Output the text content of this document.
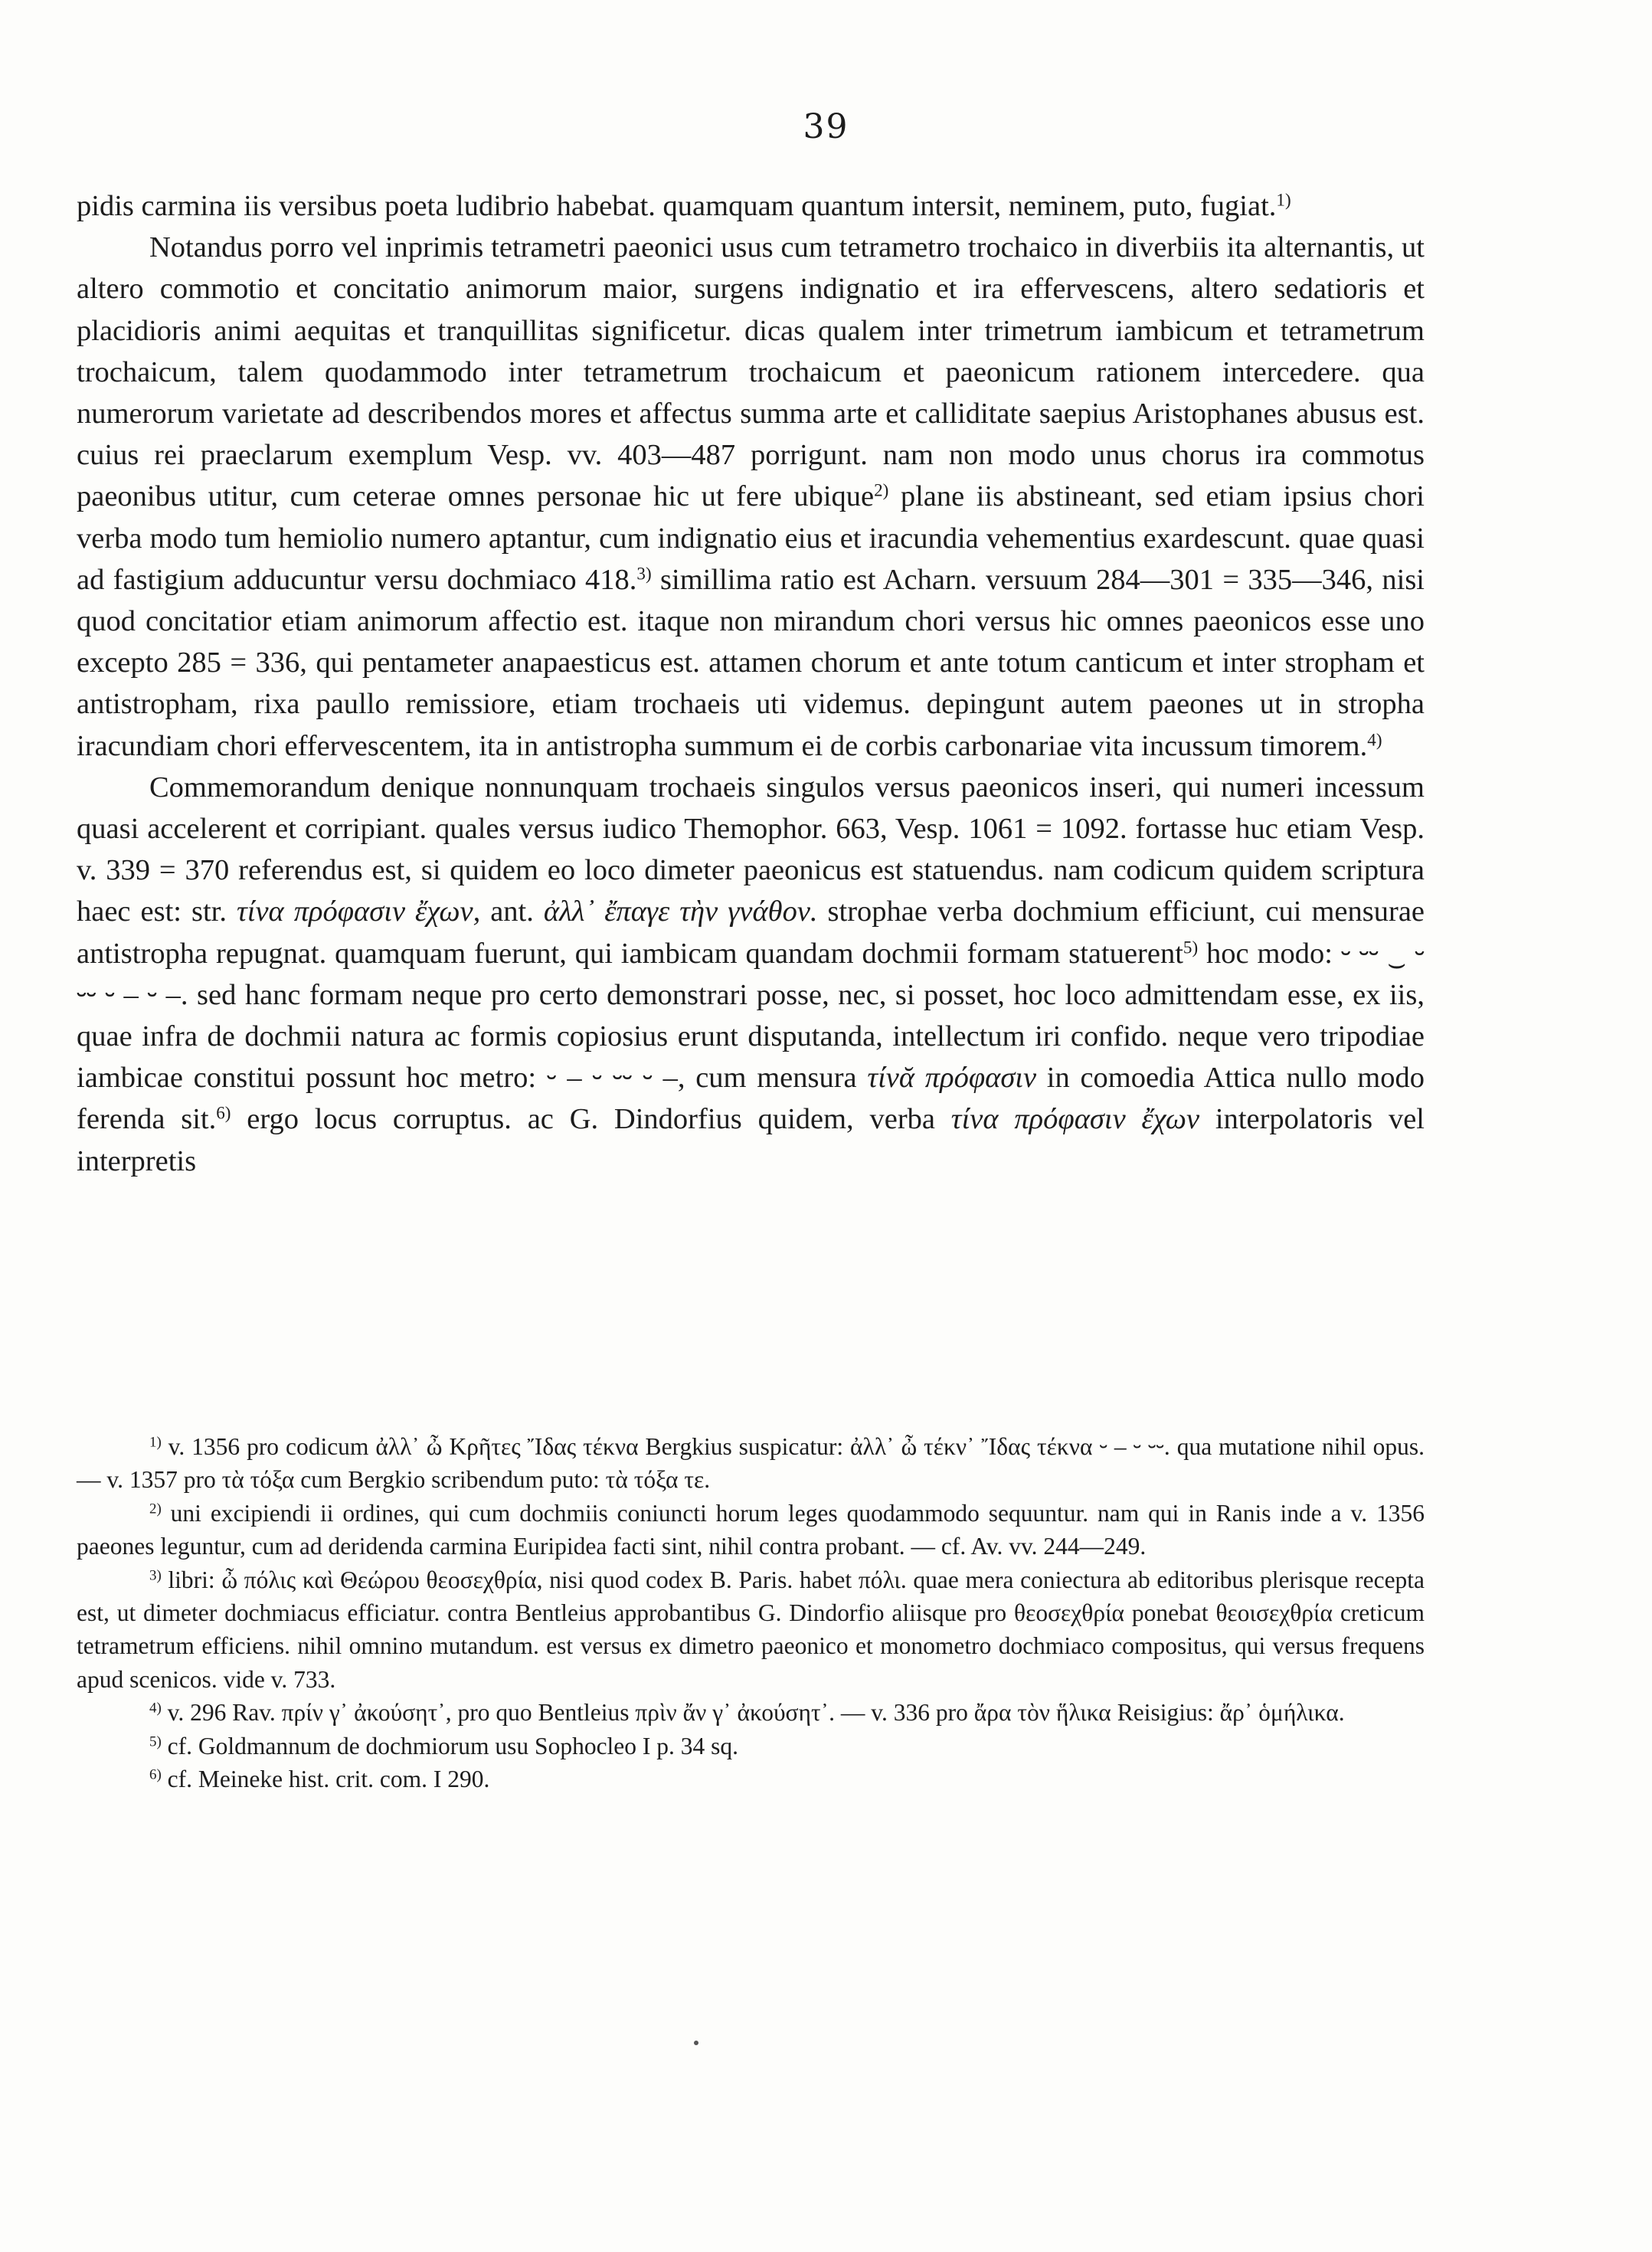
39

pidis carmina iis versibus poeta ludibrio habebat. quamquam quantum intersit, neminem, puto, fugiat.$^{1)}$

Notandus porro vel inprimis tetrametri paeonici usus cum tetrametro trochaico in diverbiis ita alternantis, ut altero commotio et concitatio animorum maior, surgens indignatio et ira effervescens, altero sedatioris et placidioris animi aequitas et tranquillitas significetur. dicas qualem inter trimetrum iambicum et tetrametrum trochaicum, talem quodammodo inter tetrametrum trochaicum et paeonicum rationem intercedere. qua numerorum varietate ad describendos mores et affectus summa arte et calliditate saepius Aristophanes abusus est. cuius rei praeclarum exemplum Vesp. vv. 403—487 porrigunt. nam non modo unus chorus ira commotus paeonibus utitur, cum ceterae omnes personae hic ut fere ubique$^{2)}$ plane iis abstineant, sed etiam ipsius chori verba modo tum hemiolio numero aptantur, cum indignatio eius et iracundia vehementius exardescunt. quae quasi ad fastigium adducuntur versu dochmiaco 418.$^{3)}$ simillima ratio est Acharn. versuum 284—301 = 335—346, nisi quod concitatior etiam animorum affectio est. itaque non mirandum chori versus hic omnes paeonicos esse uno excepto 285 = 336, qui pentameter anapaesticus est. attamen chorum et ante totum canticum et inter stropham et antistropham, rixa paullo remissiore, etiam trochaeis uti videmus. depingunt autem paeones ut in stropha iracundiam chori effervescentem, ita in antistropha summum ei de corbis carbonariae vita incussum timorem.$^{4)}$

Commemorandum denique nonnunquam trochaeis singulos versus paeonicos inseri, qui numeri incessum quasi accelerent et corripiant. quales versus iudico Themophor. 663, Vesp. 1061 = 1092. fortasse huc etiam Vesp. v. 339 = 370 referendus est, si quidem eo loco dimeter paeonicus est statuendus. nam codicum quidem scriptura haec est: str. τίνα πρόφασιν ἔχων, ant. ἀλλ᾽ ἔπαγε τὴν γνάθον. strophae verba dochmium efficiunt, cui mensurae antistropha repugnat. quamquam fuerunt, qui iambicam quandam dochmii formam statuerent$^{5)}$ hoc modo: ⏑ ⏑⏑ ‿ ⏑ ⏑⏑ ⏑ – ⏑ –. sed hanc formam neque pro certo demonstrari posse, nec, si posset, hoc loco admittendam esse, ex iis, quae infra de dochmii natura ac formis copiosius erunt disputanda, intellectum iri confido. neque vero tripodiae iambicae constitui possunt hoc metro: ⏑ – ⏑ ⏑⏑ ⏑ –, cum mensura τίνᾰ πρόφασιν in comoedia Attica nullo modo ferenda sit.$^{6)}$ ergo locus corruptus. ac G. Dindorfius quidem, verba τίνα πρόφασιν ἔχων interpolatoris vel interpretis

$^{1)}$ v. 1356 pro codicum ἀλλ᾽ ὦ Κρῆτες Ἴδας τέκνα Bergkius suspicatur: ἀλλ᾽ ὦ τέκν᾽ Ἴδας τέκνα ⏑ – ⏑ ⏑⏑. qua mutatione nihil opus. — v. 1357 pro τὰ τόξα cum Bergkio scribendum puto: τὰ τόξα τε.

$^{2)}$ uni excipiendi ii ordines, qui cum dochmiis coniuncti horum leges quodammodo sequuntur. nam qui in Ranis inde a v. 1356 paeones leguntur, cum ad deridenda carmina Euripidea facti sint, nihil contra probant. — cf. Av. vv. 244—249.

$^{3)}$ libri: ὦ πόλις καὶ Θεώρου θεοσεχθρία, nisi quod codex B. Paris. habet πόλι. quae mera coniectura ab editoribus plerisque recepta est, ut dimeter dochmiacus efficiatur. contra Bentleius approbantibus G. Dindorfio aliisque pro θεοσεχθρία ponebat θεοισεχθρία creticum tetrametrum efficiens. nihil omnino mutandum. est versus ex dimetro paeonico et monometro dochmiaco compositus, qui versus frequens apud scenicos. vide v. 733.

$^{4)}$ v. 296 Rav. πρίν γ᾽ ἀκούσητ᾽, pro quo Bentleius πρὶν ἄν γ᾽ ἀκούσητ᾽. — v. 336 pro ἄρα τὸν ἥλικα Reisigius: ἄρ᾽ ὁμήλικα.

$^{5)}$ cf. Goldmannum de dochmiorum usu Sophocleo I p. 34 sq.

$^{6)}$ cf. Meineke hist. crit. com. I 290.
